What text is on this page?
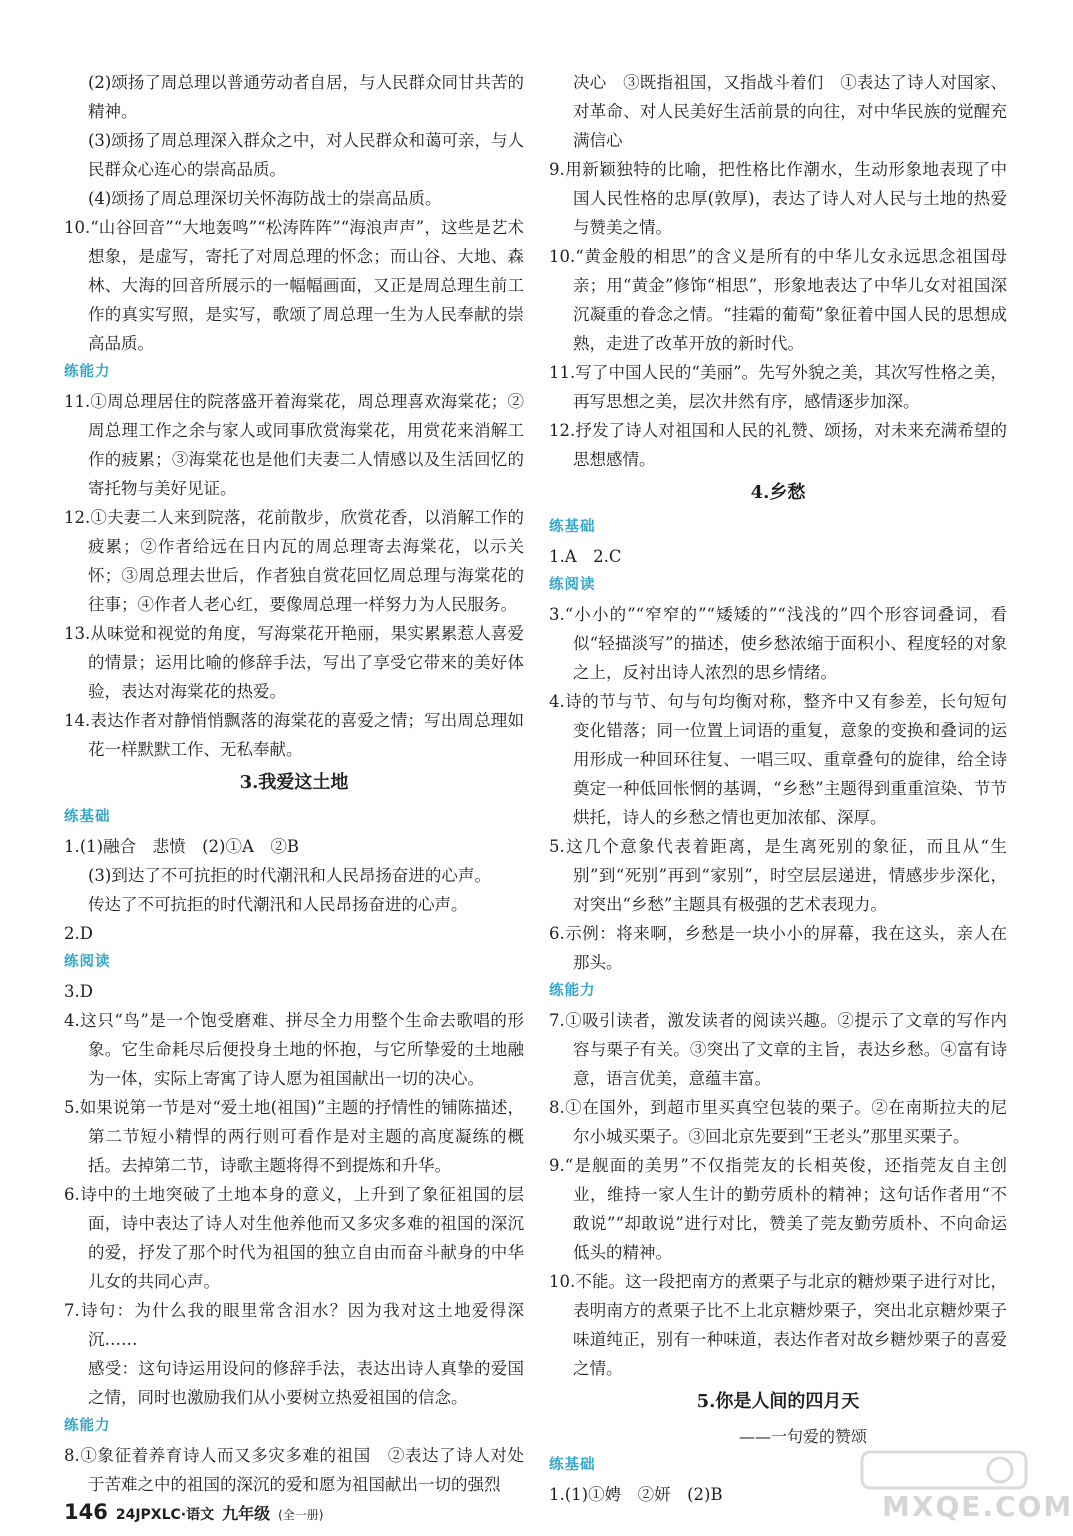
(2)颂扬了周总理以普通劳动者自居，与人民群众同甘共苦的精神。
(3)颂扬了周总理深入群众之中，对人民群众和蔼可亲，与人民群众心连心的崇高品质。
(4)颂扬了周总理深切关怀海防战士的崇高品质。
10.“山谷回音”“大地轰鸣”“松涛阵阵”“海浪声声”，这些是艺术想象，是虚写，寄托了对周总理的怀念；而山谷、大地、森林、大海的回音所展示的一幅幅画面，又正是周总理生前工作的真实写照，是实写，歌颂了周总理一生为人民奉献的崇高品质。
练能力
11.①周总理居住的院落盛开着海棠花，周总理喜欢海棠花；②周总理工作之余与家人或同事欣赏海棠花，用赏花来消解工作的疲累；③海棠花也是他们夫妻二人情感以及生活回忆的寄托物与美好见证。
12.①夫妻二人来到院落，花前散步，欣赏花香，以消解工作的疲累；②作者给远在日内瓦的周总理寄去海棠花，以示关怀；③周总理去世后，作者独自赏花回忆周总理与海棠花的往事；④作者人老心红，要像周总理一样努力为人民服务。
13.从味觉和视觉的角度，写海棠花开艳丽，果实累累惹人喜爱的情景；运用比喻的修辞手法，写出了享受它带来的美好体验，表达对海棠花的热爱。
14.表达作者对静悄悄飘落的海棠花的喜爱之情；写出周总理如花一样默默工作、无私奉献。
3.我爱这土地
练基础
1.(1)融合　悲愤　(2)①A　②B
(3)到达了不可抗拒的时代潮汛和人民昂扬奋进的心声。
传达了不可抗拒的时代潮汛和人民昂扬奋进的心声。
2.D
练阅读
3.D
4.这只“鸟”是一个饱受磨难、拼尽全力用整个生命去歌唱的形象。它生命耗尽后便投身土地的怀抱，与它所挚爱的土地融为一体，实际上寄寓了诗人愿为祖国献出一切的决心。
5.如果说第一节是对“爱土地(祖国)”主题的抒情性的铺陈描述，第二节短小精悍的两行则可看作是对主题的高度凝练的概括。去掉第二节，诗歌主题将得不到提炼和升华。
6.诗中的土地突破了土地本身的意义，上升到了象征祖国的层面，诗中表达了诗人对生他养他而又多灾多难的祖国的深沉的爱，抒发了那个时代为祖国的独立自由而奋斗献身的中华儿女的共同心声。
7.诗句：为什么我的眼里常含泪水？因为我对这土地爱得深沉……
感受：这句诗运用设问的修辞手法，表达出诗人真挚的爱国之情，同时也激励我们从小要树立热爱祖国的信念。
练能力
8.①象征着养育诗人而又多灾多难的祖国　②表达了诗人对处于苦难之中的祖国的深沉的爱和愿为祖国献出一切的强烈
决心　③既指祖国，又指战斗着们　①表达了诗人对国家、对革命、对人民美好生活前景的向往，对中华民族的觉醒充满信心
9.用新颖独特的比喻，把性格比作潮水，生动形象地表现了中国人民性格的忠厚(敦厚)，表达了诗人对人民与土地的热爱与赞美之情。
10.“黄金般的相思”的含义是所有的中华儿女永远思念祖国母亲；用“黄金”修饰“相思”，形象地表达了中华儿女对祖国深沉凝重的眷念之情。“挂霜的葡萄”象征着中国人民的思想成熟，走进了改革开放的新时代。
11.写了中国人民的“美丽”。先写外貌之美，其次写性格之美，再写思想之美，层次井然有序，感情逐步加深。
12.抒发了诗人对祖国和人民的礼赞、颂扬，对未来充满希望的思想感情。
4.乡愁
练基础
1.A　2.C
练阅读
3.“小小的”“窄窄的”“矮矮的”“浅浅的”四个形容词叠词，看似“轻描淡写”的描述，使乡愁浓缩于面积小、程度轻的对象之上，反衬出诗人浓烈的思乡情绪。
4.诗的节与节、句与句均衡对称，整齐中又有参差，长句短句变化错落；同一位置上词语的重复，意象的变换和叠词的运用形成一种回环往复、一唱三叹、重章叠句的旋律，给全诗奠定一种低回怅惘的基调，“乡愁”主题得到重重渲染、节节烘托，诗人的乡愁之情也更加浓郁、深厚。
5.这几个意象代表着距离，是生离死别的象征，而且从“生别”到“死别”再到“家别”，时空层层递进，情感步步深化，对突出“乡愁”主题具有极强的艺术表现力。
6.示例：将来啊，乡愁是一块小小的屏幕，我在这头，亲人在那头。
练能力
7.①吸引读者，激发读者的阅读兴趣。②提示了文章的写作内容与栗子有关。③突出了文章的主旨，表达乡愁。④富有诗意，语言优美，意蕴丰富。
8.①在国外，到超市里买真空包装的栗子。②在南斯拉夫的尼尔小城买栗子。③回北京先要到“王老头”那里买栗子。
9.“是舰面的美男”不仅指莞友的长相英俊，还指莞友自主创业，维持一家人生计的勤劳质朴的精神；这句话作者用“不敢说”“却敢说”进行对比，赞美了莞友勤劳质朴、不向命运低头的精神。
10.不能。这一段把南方的煮栗子与北京的糖炒栗子进行对比，表明南方的煮栗子比不上北京糖炒栗子，突出北京糖炒栗子味道纯正，别有一种味道，表达作者对故乡糖炒栗子的喜爱之情。
5.你是人间的四月天
——一句爱的赞颂
练基础
1.(1)①娉　②妍　(2)B
146 24JPXLC·语文 九年级 (全一册)	MXQE.COM
